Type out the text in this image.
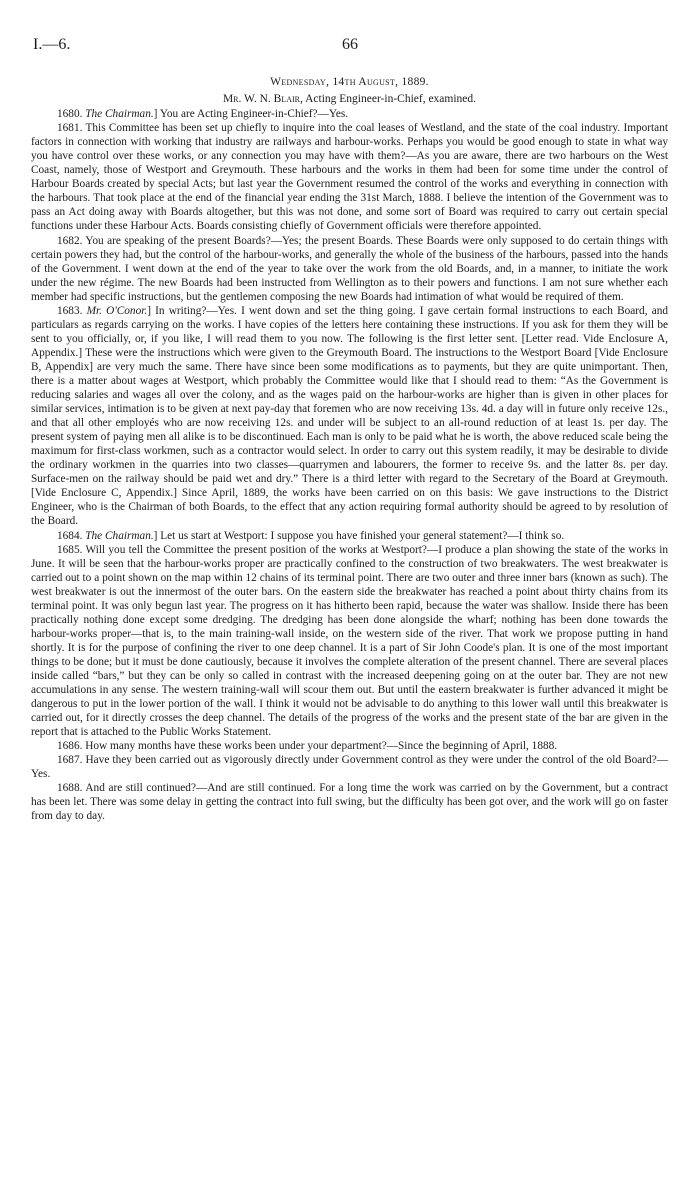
I.—6.	66

Wednesday, 14th August, 1889.

Mr. W. N. Blair, Acting Engineer-in-Chief, examined.

1680. The Chairman.] You are Acting Engineer-in-Chief?—Yes.

1681. This Committee has been set up chiefly to inquire into the coal leases of Westland, and the state of the coal industry. Important factors in connection with working that industry are railways and harbour-works. Perhaps you would be good enough to state in what way you have control over these works, or any connection you may have with them?—As you are aware, there are two harbours on the West Coast, namely, those of Westport and Greymouth. These harbours and the works in them had been for some time under the control of Harbour Boards created by special Acts; but last year the Government resumed the control of the works and everything in connection with the harbours. That took place at the end of the financial year ending the 31st March, 1888. I believe the intention of the Government was to pass an Act doing away with Boards altogether, but this was not done, and some sort of Board was required to carry out certain special functions under these Harbour Acts. Boards consisting chiefly of Government officials were therefore appointed.

1682. You are speaking of the present Boards?—Yes; the present Boards. These Boards were only supposed to do certain things with certain powers they had, but the control of the harbour-works, and generally the whole of the business of the harbours, passed into the hands of the Government. I went down at the end of the year to take over the work from the old Boards, and, in a manner, to initiate the work under the new régime. The new Boards had been instructed from Wellington as to their powers and functions. I am not sure whether each member had specific instructions, but the gentlemen composing the new Boards had intimation of what would be required of them.

1683. Mr. O'Conor.] In writing?—Yes. I went down and set the thing going. I gave certain formal instructions to each Board, and particulars as regards carrying on the works. I have copies of the letters here containing these instructions. If you ask for them they will be sent to you officially, or, if you like, I will read them to you now. The following is the first letter sent. [Letter read. Vide Enclosure A, Appendix.] These were the instructions which were given to the Greymouth Board. The instructions to the Westport Board [Vide Enclosure B, Appendix] are very much the same. There have since been some modifications as to payments, but they are quite unimportant. Then, there is a matter about wages at Westport, which probably the Committee would like that I should read to them: “As the Government is reducing salaries and wages all over the colony, and as the wages paid on the harbour-works are higher than is given in other places for similar services, intimation is to be given at next pay-day that foremen who are now receiving 13s. 4d. a day will in future only receive 12s., and that all other employés who are now receiving 12s. and under will be subject to an all-round reduction of at least 1s. per day. The present system of paying men all alike is to be discontinued. Each man is only to be paid what he is worth, the above reduced scale being the maximum for first-class workmen, such as a contractor would select. In order to carry out this system readily, it may be desirable to divide the ordinary workmen in the quarries into two classes—quarrymen and labourers, the former to receive 9s. and the latter 8s. per day. Surface-men on the railway should be paid wet and dry.” There is a third letter with regard to the Secretary of the Board at Greymouth. [Vide Enclosure C, Appendix.] Since April, 1889, the works have been carried on on this basis: We gave instructions to the District Engineer, who is the Chairman of both Boards, to the effect that any action requiring formal authority should be agreed to by resolution of the Board.

1684. The Chairman.] Let us start at Westport: I suppose you have finished your general statement?—I think so.

1685. Will you tell the Committee the present position of the works at Westport?—I produce a plan showing the state of the works in June. It will be seen that the harbour-works proper are practically confined to the construction of two breakwaters. The west breakwater is carried out to a point shown on the map within 12 chains of its terminal point. There are two outer and three inner bars (known as such). The west breakwater is out the innermost of the outer bars. On the eastern side the breakwater has reached a point about thirty chains from its terminal point. It was only begun last year. The progress on it has hitherto been rapid, because the water was shallow. Inside there has been practically nothing done except some dredging. The dredging has been done alongside the wharf; nothing has been done towards the harbour-works proper—that is, to the main training-wall inside, on the western side of the river. That work we propose putting in hand shortly. It is for the purpose of confining the river to one deep channel. It is a part of Sir John Coode's plan. It is one of the most important things to be done; but it must be done cautiously, because it involves the complete alteration of the present channel. There are several places inside called “bars,” but they can be only so called in contrast with the increased deepening going on at the outer bar. They are not new accumulations in any sense. The western training-wall will scour them out. But until the eastern breakwater is further advanced it might be dangerous to put in the lower portion of the wall. I think it would not be advisable to do anything to this lower wall until this breakwater is carried out, for it directly crosses the deep channel. The details of the progress of the works and the present state of the bar are given in the report that is attached to the Public Works Statement.

1686. How many months have these works been under your department?—Since the beginning of April, 1888.

1687. Have they been carried out as vigorously directly under Government control as they were under the control of the old Board?—Yes.

1688. And are still continued?—And are still continued. For a long time the work was carried on by the Government, but a contract has been let. There was some delay in getting the contract into full swing, but the difficulty has been got over, and the work will go on faster from day to day.
